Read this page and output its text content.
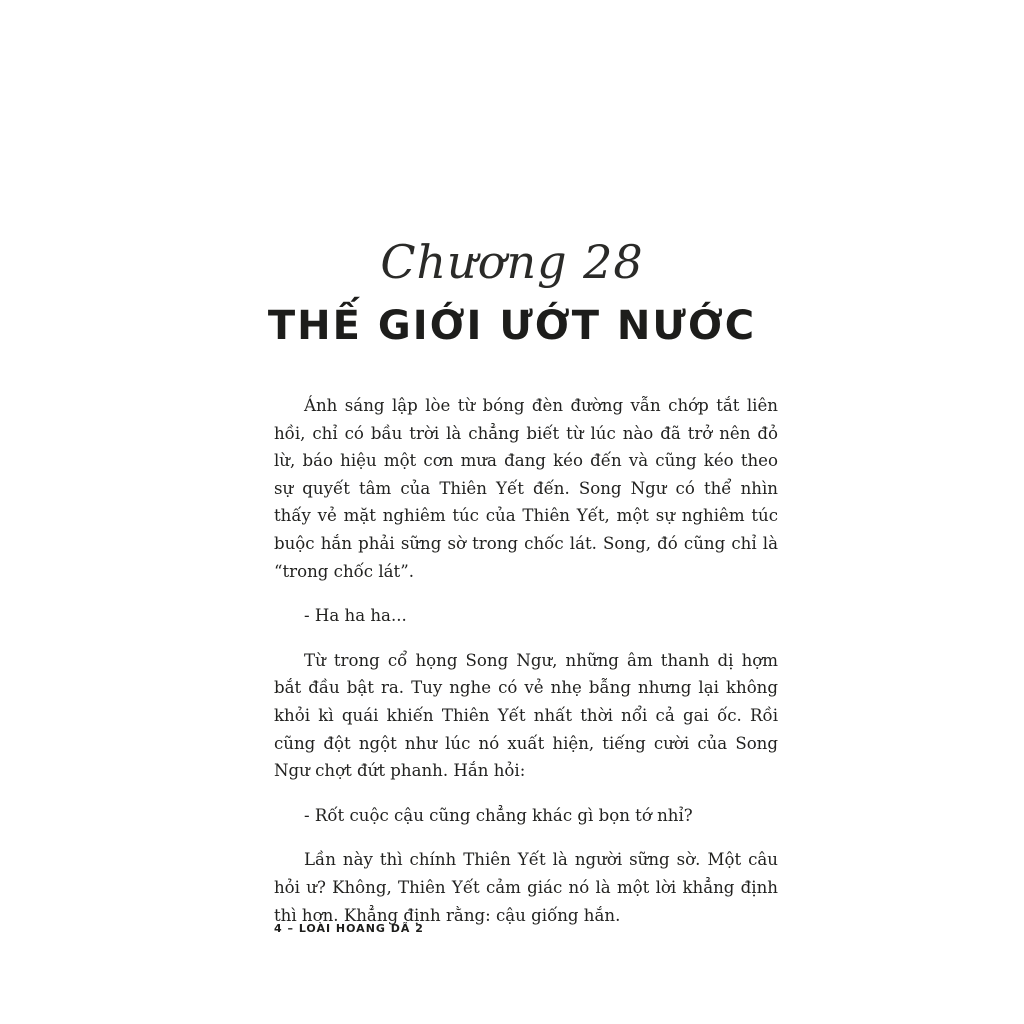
Chương 28
THẾ GIỚI ƯỚT NƯỚC

Ánh sáng lập lòe từ bóng đèn đường vẫn chớp tắt liên hồi, chỉ có bầu trời là chẳng biết từ lúc nào đã trở nên đỏ lừ, báo hiệu một cơn mưa đang kéo đến và cũng kéo theo sự quyết tâm của Thiên Yết đến. Song Ngư có thể nhìn thấy vẻ mặt nghiêm túc của Thiên Yết, một sự nghiêm túc buộc hắn phải sững sờ trong chốc lát. Song, đó cũng chỉ là “trong chốc lát”.

- Ha ha ha...

Từ trong cổ họng Song Ngư, những âm thanh dị hợm bắt đầu bật ra. Tuy nghe có vẻ nhẹ bẫng nhưng lại không khỏi kì quái khiến Thiên Yết nhất thời nổi cả gai ốc. Rồi cũng đột ngột như lúc nó xuất hiện, tiếng cười của Song Ngư chợt đứt phanh. Hắn hỏi:

- Rốt cuộc cậu cũng chẳng khác gì bọn tớ nhỉ?

Lần này thì chính Thiên Yết là người sững sờ. Một câu hỏi ư? Không, Thiên Yết cảm giác nó là một lời khẳng định thì hơn. Khẳng định rằng: cậu giống hắn.

4 – LOÀI HOANG DÃ 2
